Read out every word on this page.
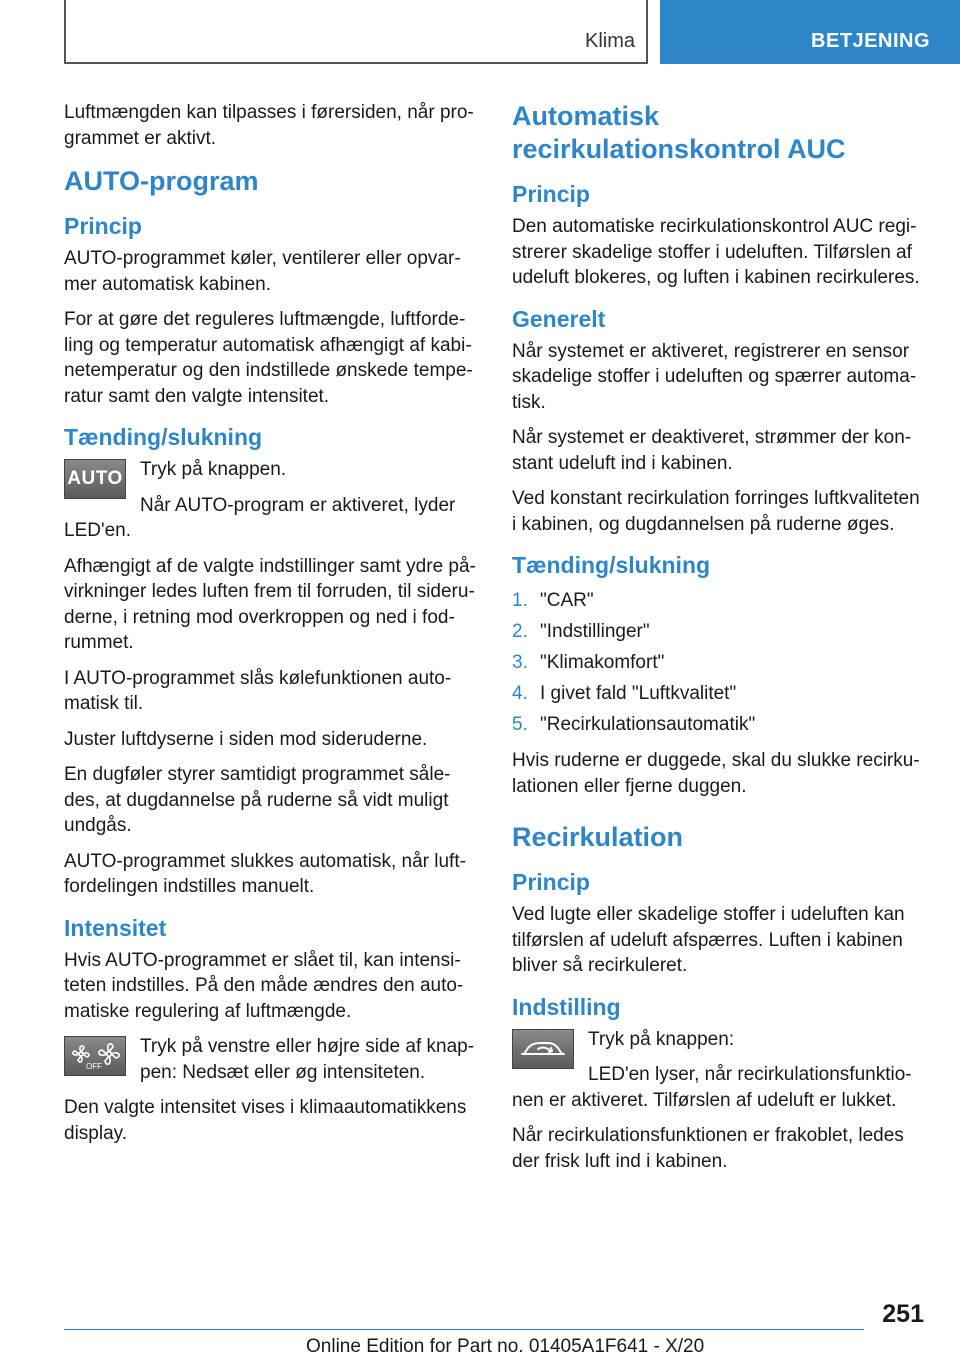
Klima	BETJENING

Luftmængden kan tilpasses i førersiden, når pro-grammet er aktivt.

AUTO-program
Princip

AUTO-programmet køler, ventilerer eller opvar-mer automatisk kabinen.

For at gøre det reguleres luftmængde, luftforde-ling og temperatur automatisk afhængigt af kabi-netemperatur og den indstillede ønskede tempe-ratur samt den valgte intensitet.

Tænding/slukning
AUTO Tryk på knappen.

Når AUTO-program er aktiveret, lyder LED'en.

Afhængigt af de valgte indstillinger samt ydre på-virkninger ledes luften frem til forruden, til sideru-derne, i retning mod overkroppen og ned i fod-rummet.

I AUTO-programmet slås kølefunktionen auto-matisk til.

Juster luftdyserne i siden mod sideruderne.

En dugføler styrer samtidigt programmet såle-des, at dugdannelse på ruderne så vidt muligt undgås.

AUTO-programmet slukkes automatisk, når luft-fordelingen indstilles manuelt.

Intensitet

Hvis AUTO-programmet er slået til, kan intensi-teten indstilles. På den måde ændres den auto-matiske regulering af luftmængde.

OFF

Tryk på venstre eller højre side af knap-pen: Nedsæt eller øg intensiteten.

Den valgte intensitet vises i klimaautomatikkens display.

Automatisk recirkulationskontrol AUC
Princip

Den automatiske recirkulationskontrol AUC regi-strerer skadelige stoffer i udeluften. Tilførslen af udeluft blokeres, og luften i kabinen recirkuleres.

Generelt

Når systemet er aktiveret, registrerer en sensor skadelige stoffer i udeluften og spærrer automa-tisk.

Når systemet er deaktiveret, strømmer der kon-stant udeluft ind i kabinen.

Ved konstant recirkulation forringes luftkvaliteten i kabinen, og dugdannelsen på ruderne øges.

Tænding/slukning
1. "CAR"
2. "Indstillinger"
3. "Klimakomfort"
4. I givet fald "Luftkvalitet"
5. "Recirkulationsautomatik"

Hvis ruderne er duggede, skal du slukke recirku-lationen eller fjerne duggen.

Recirkulation
Princip

Ved lugte eller skadelige stoffer i udeluften kan tilførslen af udeluft afspærres. Luften i kabinen bliver så recirkuleret.

Indstilling

Tryk på knappen:

LED'en lyser, når recirkulationsfunktio-nen er aktiveret. Tilførslen af udeluft er lukket.

Når recirkulationsfunktionen er frakoblet, ledes der frisk luft ind i kabinen.

251
Online Edition for Part no. 01405A1F641 - X/20
